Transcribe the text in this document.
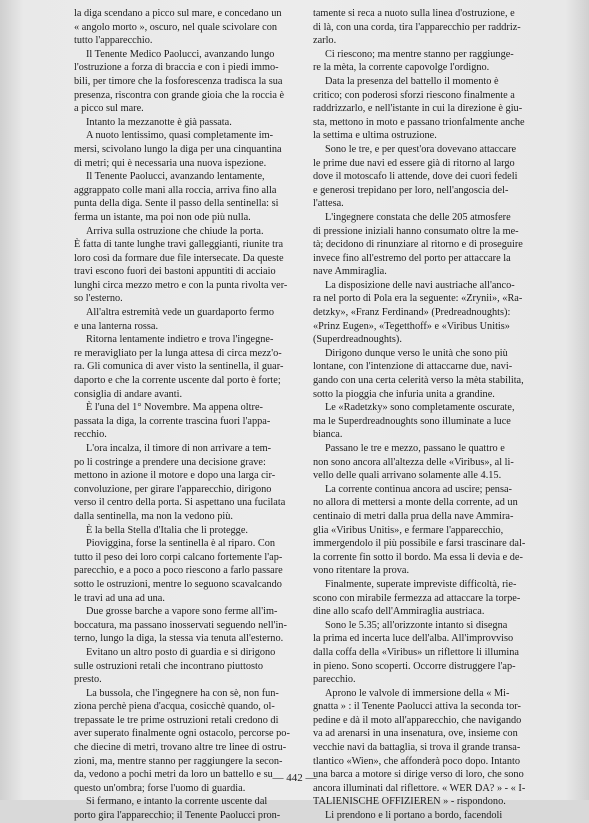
la diga scendano a picco sul mare, e concedano un
« angolo morto », oscuro, nel quale scivolare con
tutto l'apparecchio.

Il Tenente Medico Paolucci, avanzando lungo
l'ostruzione a forza di braccia e con i piedi immo-
bili, per timore che la fosforescenza tradisca la sua
presenza, riscontra con grande gioia che la roccia è
a picco sul mare.

Intanto la mezzanotte è già passata.

A nuoto lentissimo, quasi completamente im-
mersi, scivolano lungo la diga per una cinquantina
di metri; qui è necessaria una nuova ispezione.

Il Tenente Paolucci, avanzando lentamente,
aggrappato colle mani alla roccia, arriva fino alla
punta della diga. Sente il passo della sentinella: si
ferma un istante, ma poi non ode più nulla.

Arriva sulla ostruzione che chiude la porta.
È fatta di tante lunghe travi galleggianti, riunite tra
loro così da formare due file intersecate. Da queste
travi escono fuori dei bastoni appuntiti di acciaio
lunghi circa mezzo metro e con la punta rivolta ver-
so l'esterno.

All'altra estremità vede un guardaporto fermo
e una lanterna rossa.

Ritorna lentamente indietro e trova l'ingegne-
re meravigliato per la lunga attesa di circa mezz'o-
ra. Gli comunica di aver visto la sentinella, il guar-
daporto e che la corrente uscente dal porto è forte;
consiglia di andare avanti.

È l'una del 1° Novembre. Ma appena oltre-
passata la diga, la corrente trascina fuori l'appa-
recchio.

L'ora incalza, il timore di non arrivare a tem-
po li costringe a prendere una decisione grave:
mettono in azione il motore e dopo una larga cir-
convoluzione, per girare l'apparecchio, dirigono
verso il centro della porta. Si aspettano una fucilata
dalla sentinella, ma non la vedono più.

È la bella Stella d'Italia che li protegge.

Piovigginа, forse la sentinella è al riparo. Con
tutto il peso dei loro corpi calcano fortemente l'ap-
parecchio, e a poco a poco riescono a farlo passare
sotto le ostruzioni, mentre lo seguono scavalcando
le travi ad una ad una.

Due grosse barche a vapore sono ferme all'im-
boccatura, ma passano inosservati seguendo nell'in-
terno, lungo la diga, la stessa via tenuta all'esterno.

Evitano un altro posto di guardia e si dirigono
sulle ostruzioni retali che incontrano piuttosto
presto.

La bussola, che l'ingegnere ha con sè, non fun-
ziona perchè piena d'acqua, cosicchè quando, ol-
trepassate le tre prime ostruzioni retali credono di
aver superato finalmente ogni ostacolo, percorse po-
che diecine di metri, trovano altre tre linee di ostru-
zioni, ma, mentre stanno per raggiungere la secon-
da, vedono a pochi metri da loro un battello e su
questo un'ombra; forse l'uomo di guardia.

Si fermano, e intanto la corrente uscente dal
porto gira l'apparecchio; il Tenente Paolucci pron-

tamente si reca a nuoto sulla linea d'ostruzione, e
di là, con una corda, tira l'apparecchio per raddriz-
zarlo.

Ci riescono; ma mentre stanno per raggiunge-
re la mèta, la corrente capovolge l'ordigno.

Data la presenza del battello il momento è
critico; con poderosi sforzi riescono finalmente a
raddrizzarlo, e nell'istante in cui la direzione è giu-
sta, mettono in moto e passano trionfalmente anche
la settima e ultima ostruzione.

Sono le tre, e per quest'ora dovevano attaccare
le prime due navi ed essere già di ritorno al largo
dove il motoscafo li attende, dove dei cuori fedeli
e generosi trepidano per loro, nell'angoscia del-
l'attesa.

L'ingegnere constata che delle 205 atmosfere
di pressione iniziali hanno consumato oltre la me-
tà; decidono di rinunziare al ritorno e di proseguire
invece fino all'estremo del porto per attaccare la
nave Ammiraglia.

La disposizione delle navi austriache all'anco-
ra nel porto di Pola era la seguente: «Zrynii», «Ra-
detzky», «Franz Ferdinand» (Predreadnoughts):
«Prinz Eugen», «Tegetthoff» e «Viribus Unitis»
(Superdreadnoughts).

Dirigono dunque verso le unità che sono più
lontane, con l'intenzione di attaccarne due, navi-
gando con una certa celerità verso la mèta stabilita,
sotto la pioggia che infuria unita a grandine.

Le «Radetzky» sono completamente oscurate,
ma le Superdreadnoughts sono illuminate a luce
bianca.

Passano le tre e mezzo, passano le quattro e
non sono ancora all'altezza delle «Viribus», al li-
vello delle quali arrivano solamente alle 4.15.

La corrente continua ancora ad uscire; pensa-
no allora di mettersi a monte della corrente, ad un
centinaio di metri dalla prua della nave Ammira-
glia «Viribus Unitis», e fermare l'apparecchio,
immergendolo il più possibile e farsi trascinare dal-
la corrente fin sotto il bordo. Ma essa li devia e de-
vono ritentare la prova.

Finalmente, superate impreviste difficoltà, rie-
scono con mirabile fermezza ad attaccare la torpe-
dine allo scafo dell'Ammiraglia austriaca.

Sono le 5.35; all'orizzonte intanto si disegna
la prima ed incerta luce dell'alba. All'improvviso
dalla coffa della «Viribus» un riflettore li illumina
in pieno. Sono scoperti. Occorre distruggere l'ap-
parecchio.

Aprono le valvole di immersione della « Mi-
gnatta » : il Tenente Paolucci attiva la seconda tor-
pedine e dà il moto all'apparecchio, che navigando
va ad arenarsi in una insenatura, ove, insieme con
vecchie navi da battaglia, si trova il grande transa-
tlantico «Wien», che affonderà poco dopo. Intanto
una barca a motore si dirige verso di loro, che sono
ancora illuminati dal riflettore. « WER DA? » - « I-
TALIENISCHE OFFIZIEREN » - rispondono.

Li prendono e li portano a bordo, facendoli

— 442 —
